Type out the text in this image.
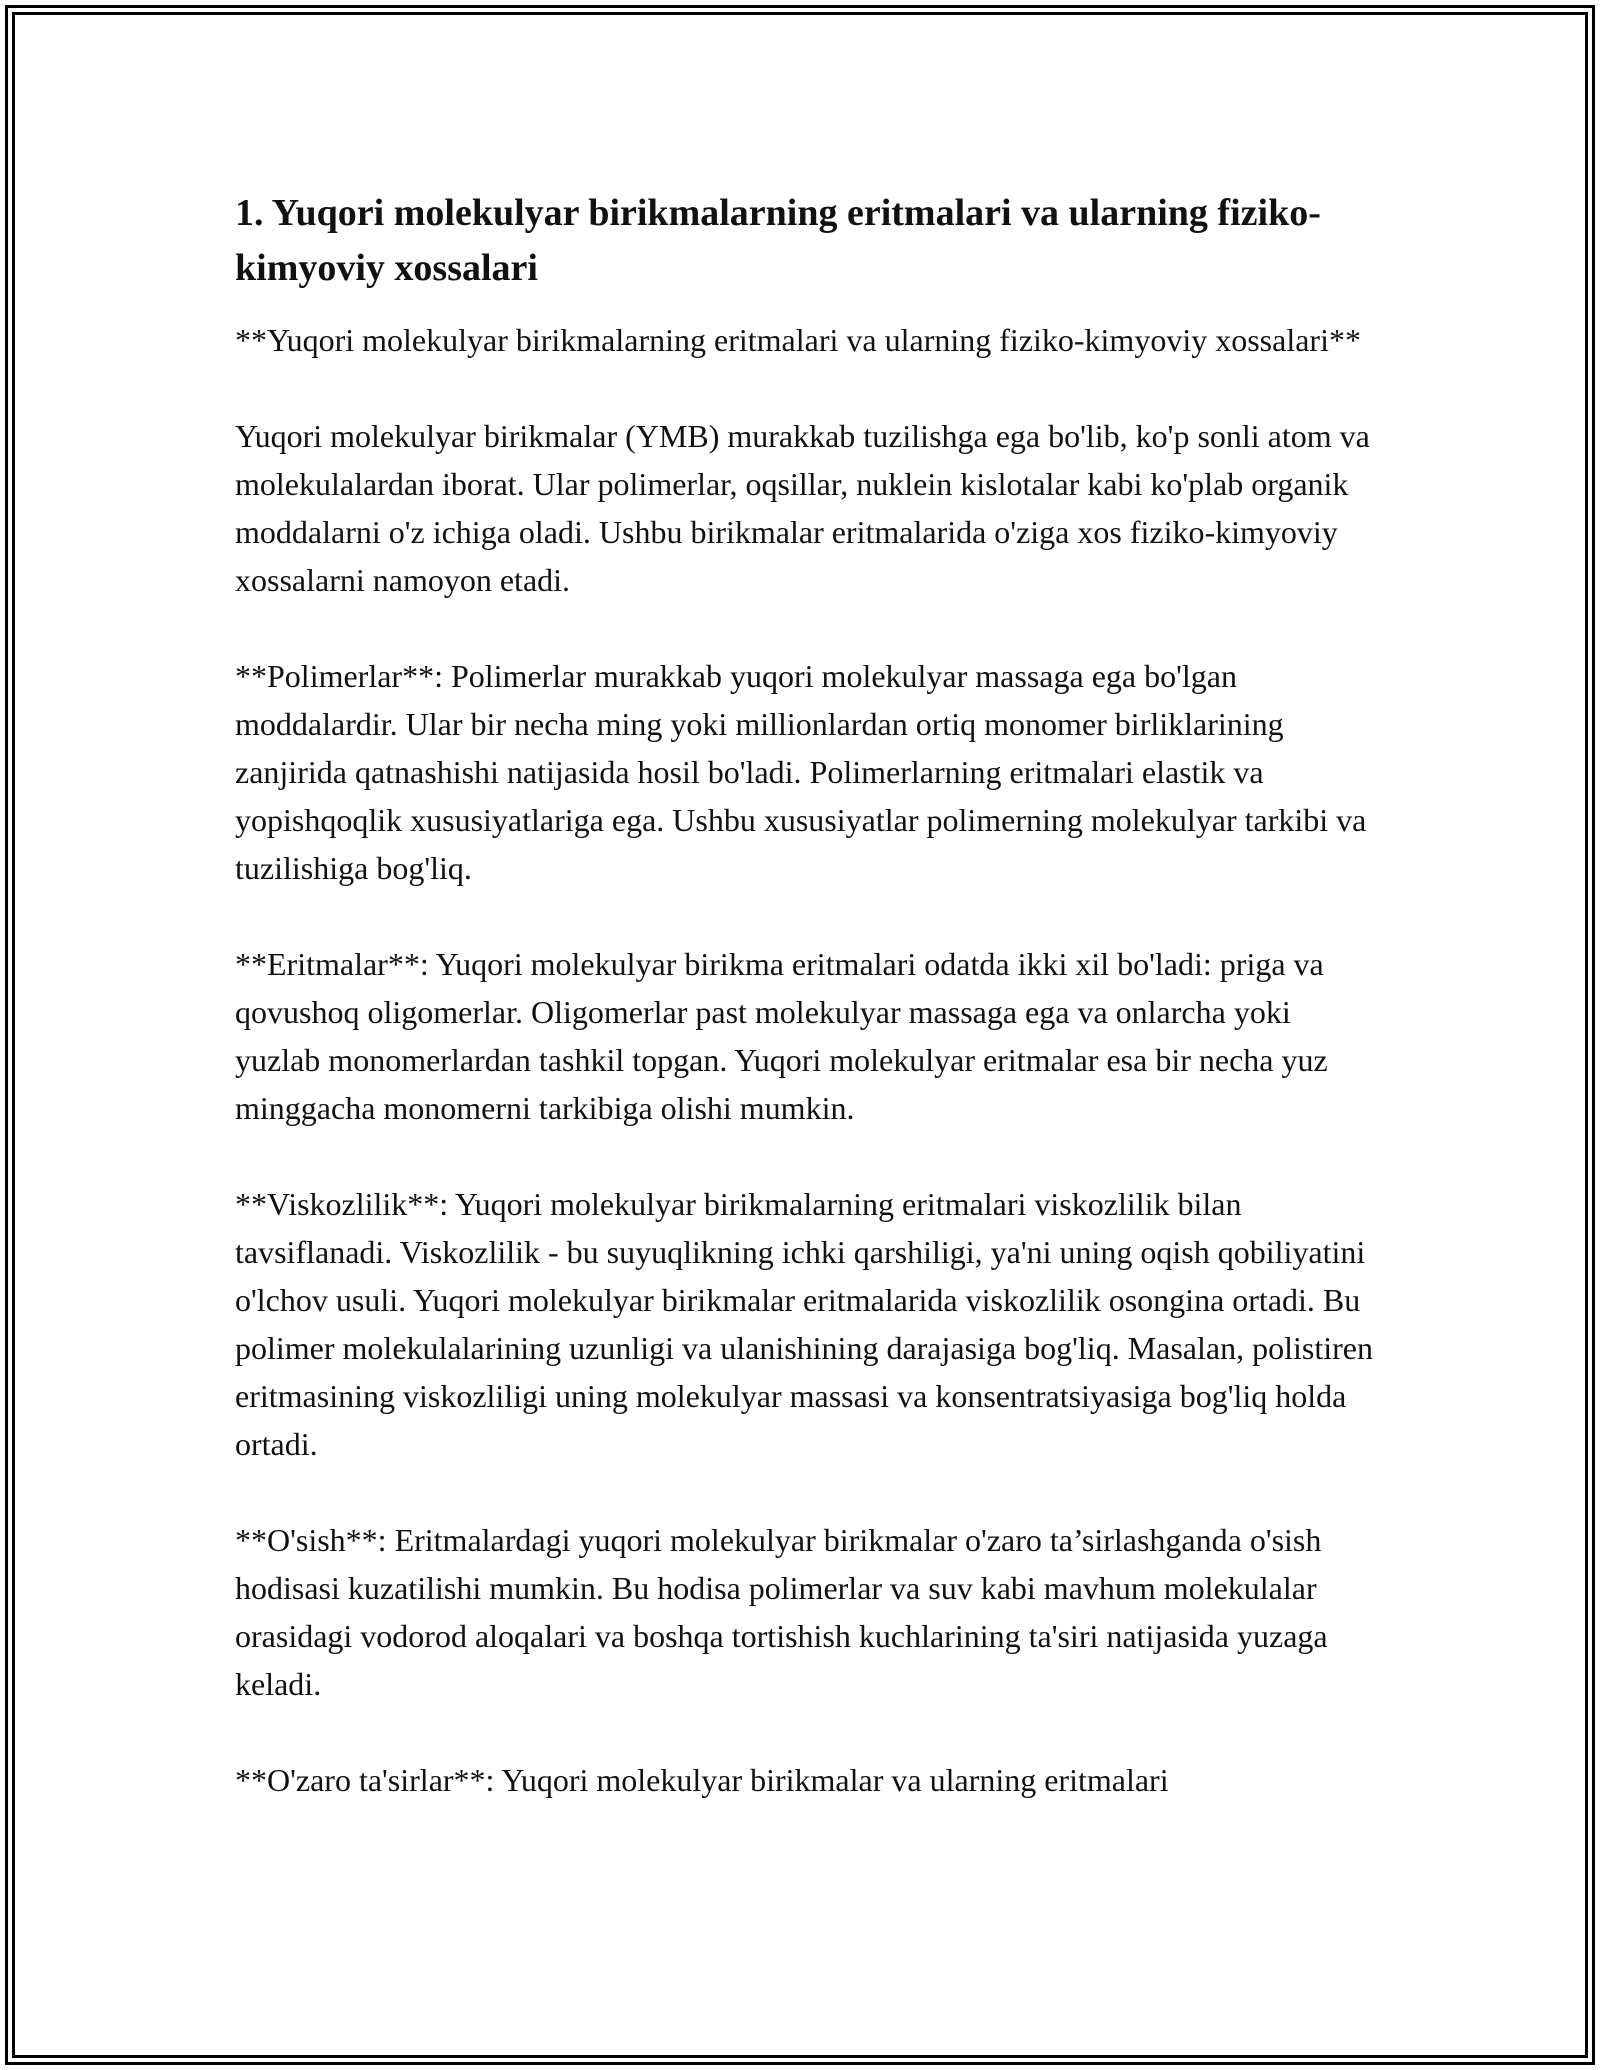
1. Yuqori molekulyar birikmalarning eritmalari va ularning fiziko-kimyoviy xossalari

**Yuqori molekulyar birikmalarning eritmalari va ularning fiziko-kimyoviy xossalari**

Yuqori molekulyar birikmalar (YMB) murakkab tuzilishga ega bo'lib, ko'p sonli atom va molekulalardan iborat. Ular polimerlar, oqsillar, nuklein kislotalar kabi ko'plab organik moddalarni o'z ichiga oladi. Ushbu birikmalar eritmalarida o'ziga xos fiziko-kimyoviy xossalarni namoyon etadi.

**Polimerlar**: Polimerlar murakkab yuqori molekulyar massaga ega bo'lgan moddalardir. Ular bir necha ming yoki millionlardan ortiq monomer birliklarining zanjirida qatnashishi natijasida hosil bo'ladi. Polimerlarning eritmalari elastik va yopishqoqlik xususiyatlariga ega. Ushbu xususiyatlar polimerning molekulyar tarkibi va tuzilishiga bog'liq.

**Eritmalar**: Yuqori molekulyar birikma eritmalari odatda ikki xil bo'ladi: priga va qovushoq oligomerlar. Oligomerlar past molekulyar massaga ega va onlarcha yoki yuzlab monomerlardan tashkil topgan. Yuqori molekulyar eritmalar esa bir necha yuz minggacha monomerni tarkibiga olishi mumkin.

**Viskozlilik**: Yuqori molekulyar birikmalarning eritmalari viskozlilik bilan tavsiflanadi. Viskozlilik - bu suyuqlikning ichki qarshiligi, ya'ni uning oqish qobiliyatini o'lchov usuli. Yuqori molekulyar birikmalar eritmalarida viskozlilik osongina ortadi. Bu polimer molekulalarining uzunligi va ulanishining darajasiga bog'liq. Masalan, polistiren eritmasining viskozliligi uning molekulyar massasi va konsentratsiyasiga bog'liq holda ortadi.

**O'sish**: Eritmalardagi yuqori molekulyar birikmalar o'zaro ta’sirlashganda o'sish hodisasi kuzatilishi mumkin. Bu hodisa polimerlar va suv kabi mavhum molekulalar orasidagi vodorod aloqalari va boshqa tortishish kuchlarining ta'siri natijasida yuzaga keladi.

**O'zaro ta'sirlar**: Yuqori molekulyar birikmalar va ularning eritmalari
